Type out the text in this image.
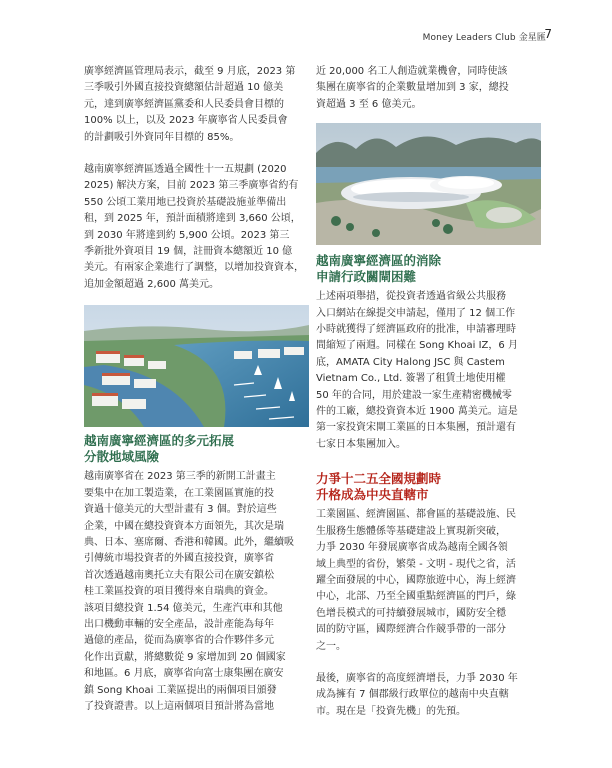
Money Leaders Club 金星匯
7

廣寧經濟區管理局表示，截至 9 月底，2023 第

三季吸引外國直接投資總額估計超過 10 億美

元，達到廣寧經濟區黨委和人民委員會目標的

100% 以上，以及 2023 年廣寧省人民委員會

的計劃吸引外資同年目標的 85%。

越南廣寧經濟區透過全國性十一五規劃 (2020

2025) 解決方案，目前 2023 第三季廣寧省約有

550 公頃工業用地已投資於基礎設施並準備出

租，到 2025 年，預計面積將達到 3,660 公頃，

到 2030 年將達到約 5,900 公頃。2023 第三

季新批外資項目 19 個，註冊資本總額近 10 億

美元。有兩家企業進行了調整，以增加投資資本，

追加金額超過 2,600 萬美元。

越南廣寧經濟區的多元拓展

分散地域風險

越南廣寧省在 2023 第三季的新開工計畫主

要集中在加工製造業，在工業園區實施的投

資過十億美元的大型計畫有 3 個。對於這些

企業，中國在總投資資本方面領先，其次是瑞

典、日本、塞席爾、香港和韓國。此外，繼續吸

引傳統市場投資者的外國直接投資，廣寧省

首次透過越南奧托立夫有限公司在廣安鎮松

桂工業區投資的項目獲得來自瑞典的資金。

該項目總投資 1.54 億美元，生產汽車和其他

出口機動車輛的安全產品，設計產能為每年

過億的產品，從而為廣寧省的合作夥伴多元

化作出貢獻，將總數從 9 家增加到 20 個國家

和地區。6 月底，廣寧省向富士康集團在廣安

鎮 Song Khoai 工業區提出的兩個項目頒發

了投資證書。以上這兩個項目預計將為當地

近 20,000 名工人創造就業機會，同時使該

集團在廣寧省的企業數量增加到 3 家，總投

資超過 3 至 6 億美元。

越南廣寧經濟區的消除

申請行政關閘困難

上述兩項舉措，從投資者透過省級公共服務

入口網站在線提交申請起，僅用了 12 個工作

小時就獲得了經濟區政府的批准，申請審理時

間縮短了兩週。同樣在 Song Khoai IZ，6 月

底，AMATA City Halong JSC 與 Castem

Vietnam Co., Ltd. 簽署了租賃土地使用權

50 年的合同，用於建設一家生產精密機械零

件的工廠，總投資資本近 1900 萬美元。這是

第一家投資宋閘工業區的日本集團，預計還有

七家日本集團加入。

力爭十二五全國規劃時

升格成為中央直轄市

工業園區、經濟園區、都會區的基礎設施、民

生服務生態體係等基礎建設上實現新突破，

力爭 2030 年發展廣寧省成為越南全國各領

域上典型的省份，繁榮 - 文明 - 現代之省，活

躍全面發展的中心，國際旅遊中心，海上經濟

中心，北部、乃至全國重點經濟區的門戶，綠

色增長模式的可持續發展城市，國防安全穩

固的防守區，國際經濟合作競爭帶的一部分

之一。

最後，廣寧省的高度經濟增長，力爭 2030 年

成為擁有 7 個郡級行政單位的越南中央直轄

市。現在是「投資先機」的先預。
